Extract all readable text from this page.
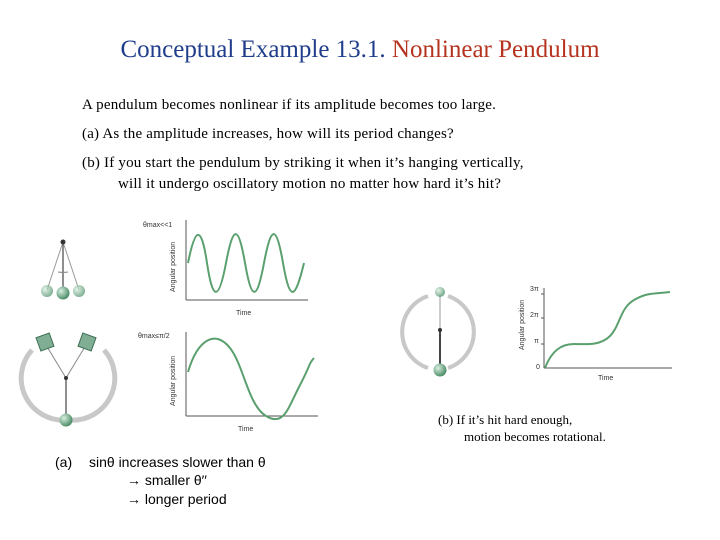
Conceptual Example 13.1. Nonlinear Pendulum
A pendulum becomes nonlinear if its amplitude becomes too large.
(a) As the amplitude increases, how will its period changes?
(b) If you start the pendulum by striking it when it’s hanging vertically,
will it undergo oscillatory motion no matter how hard it’s hit?
θmax<<1
Angular position
Time
θmax≤π/2
Angular position
Time
3π
2π
π
0
Angular position
Time
(b) If it’s hit hard enough,
motion becomes rotational.
(a) sinθ increases slower than θ
→ smaller θ′′
→ longer period
